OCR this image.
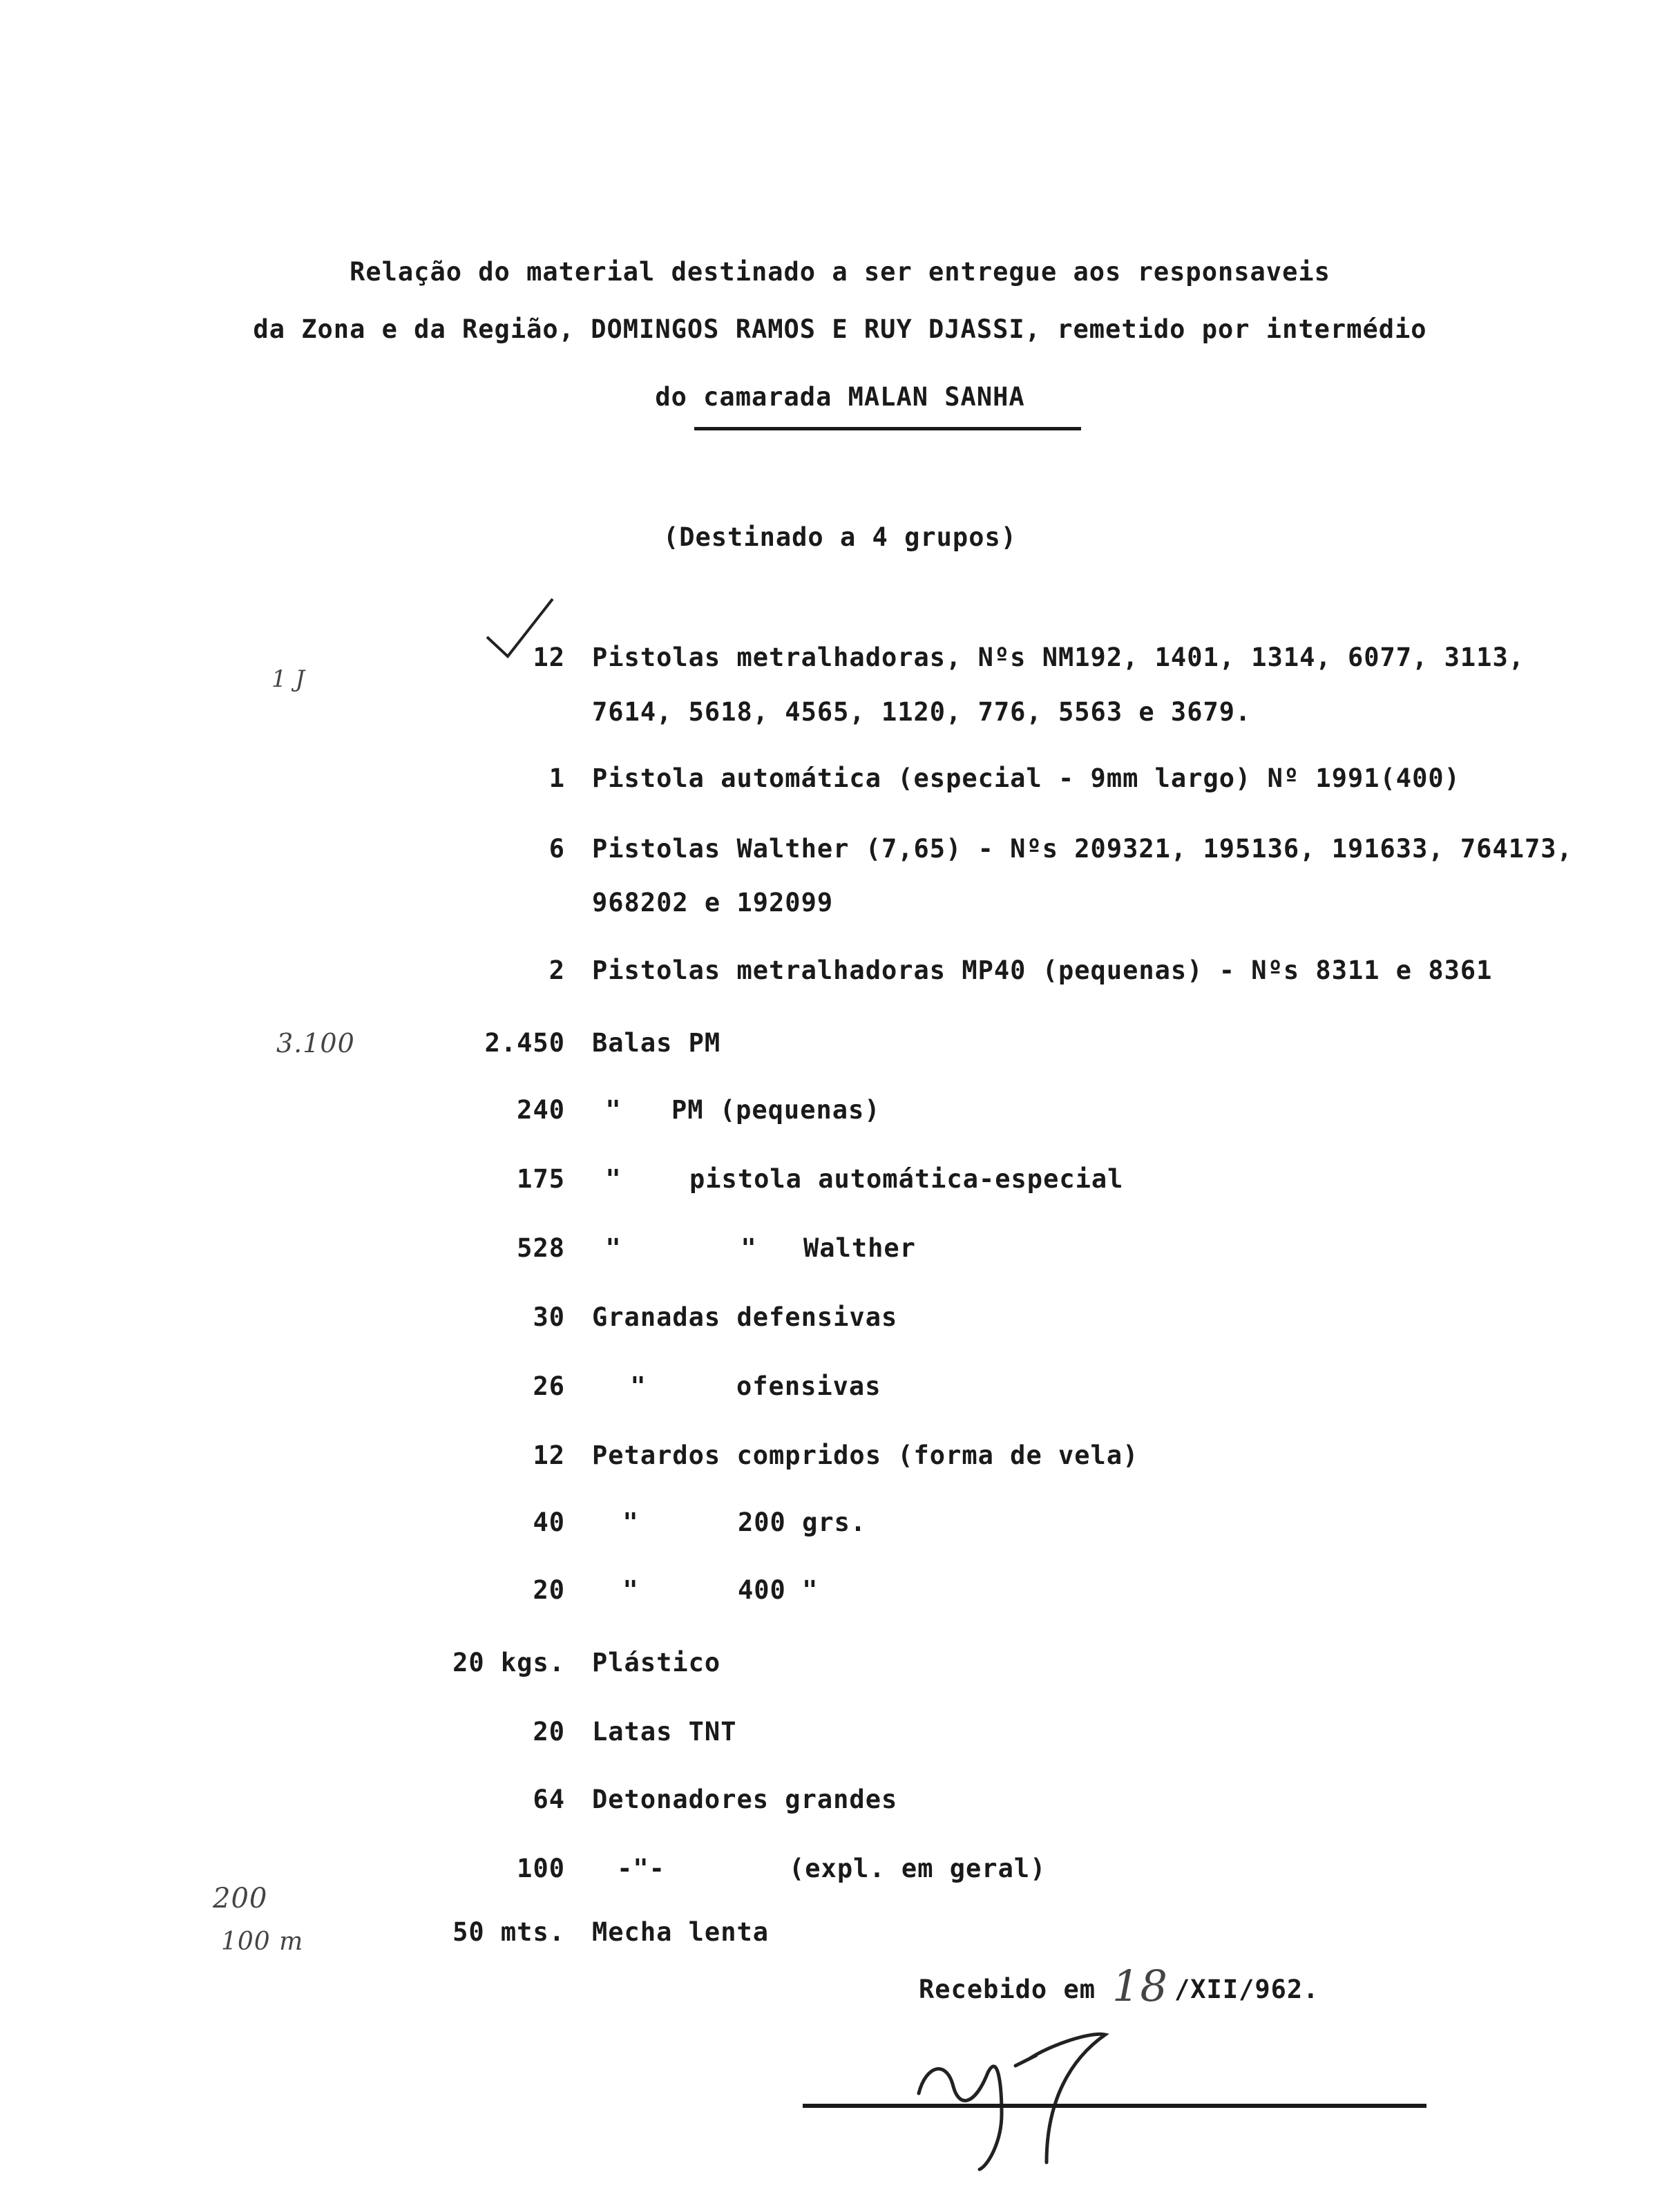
Relação do material destinado a ser entregue aos responsaveis
da Zona e da Região, DOMINGOS RAMOS E RUY DJASSI, remetido por intermédio
do camarada MALAN SANHA
(Destinado a 4 grupos)
1 J
12 Pistolas metralhadoras, Nºs NM192, 1401, 1314, 6077, 3113,
7614, 5618, 4565, 1120, 776, 5563 e 3679.
1 Pistola automática (especial - 9mm largo) Nº 1991(400)
6 Pistolas Walther (7,65) - Nºs 209321, 195136, 191633, 764173,
968202 e 192099
2 Pistolas metralhadoras MP40 (pequenas) - Nºs 8311 e 8361
3.100	2.450 Balas PM
240 " PM (pequenas)
175 "	pistola automática-especial
528 "	" Walther
30 Granadas defensivas
26	"	ofensivas
12 Petardos compridos (forma de vela)
40 "	200 grs.
20 "	400 "
20 kgs. Plástico
20 Latas TNT
64 Detonadores grandes
200
100 m
100 -"-	(expl. em geral)
50 mts. Mecha lenta
Recebido em 18 /XII/962.
